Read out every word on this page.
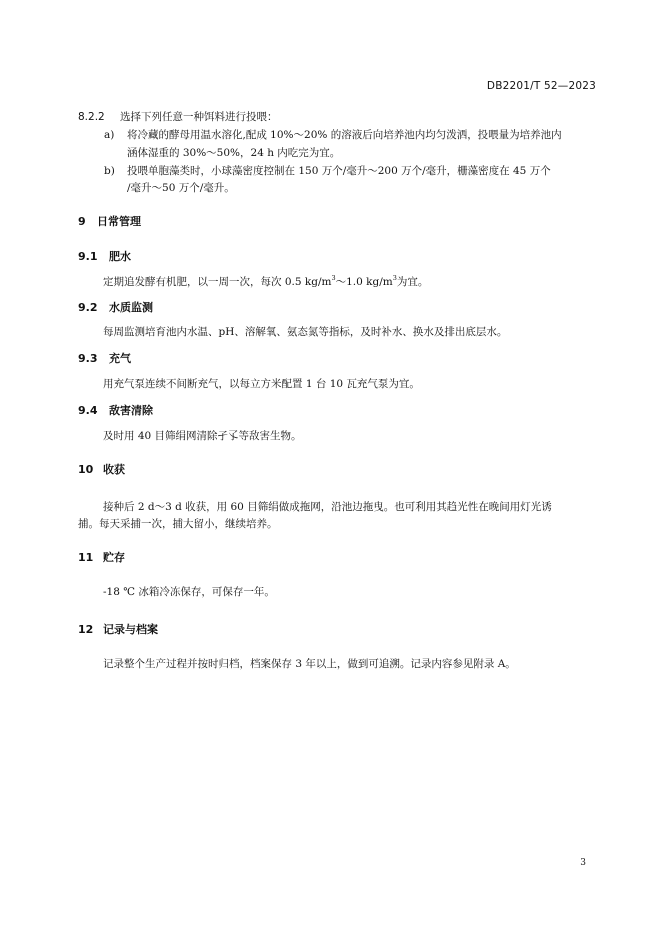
DB2201/T 52—2023
8.2.2 选择下列任意一种饵料进行投喂：
a) 将冷藏的酵母用温水溶化,配成 10%～20% 的溶液后向培养池内均匀泼洒，投喂量为培养池内
涵体湿重的 30%～50%，24 h 内吃完为宜。
b) 投喂单胞藻类时，小球藻密度控制在 150 万个/毫升～200 万个/毫升，栅藻密度在 45 万个
/毫升～50 万个/毫升。
9 日常管理
9.1 肥水
定期追发酵有机肥，以一周一次，每次 0.5 $kg/m^3\sim 1.0$ $kg/m^3$为宜。
9.2 水质监测
每周监测培育池内水温、pH、溶解氧、氨态氮等指标，及时补水、换水及排出底层水。
9.3 充气
用充气泵连续不间断充气，以每立方米配置 1 台 10 瓦充气泵为宜。
9.4 敌害清除
及时用 40 目筛绢网清除孑孓等敌害生物。
10 收获
接种后 2 d～3 d 收获，用 60 目筛绢做成拖网，沿池边拖曳。也可利用其趋光性在晚间用灯光诱
捕。每天采捕一次，捕大留小，继续培养。
11 贮存
-18 ℃ 冰箱冷冻保存，可保存一年。
12 记录与档案
记录整个生产过程并按时归档，档案保存 3 年以上，做到可追溯。记录内容参见附录 A。
3
